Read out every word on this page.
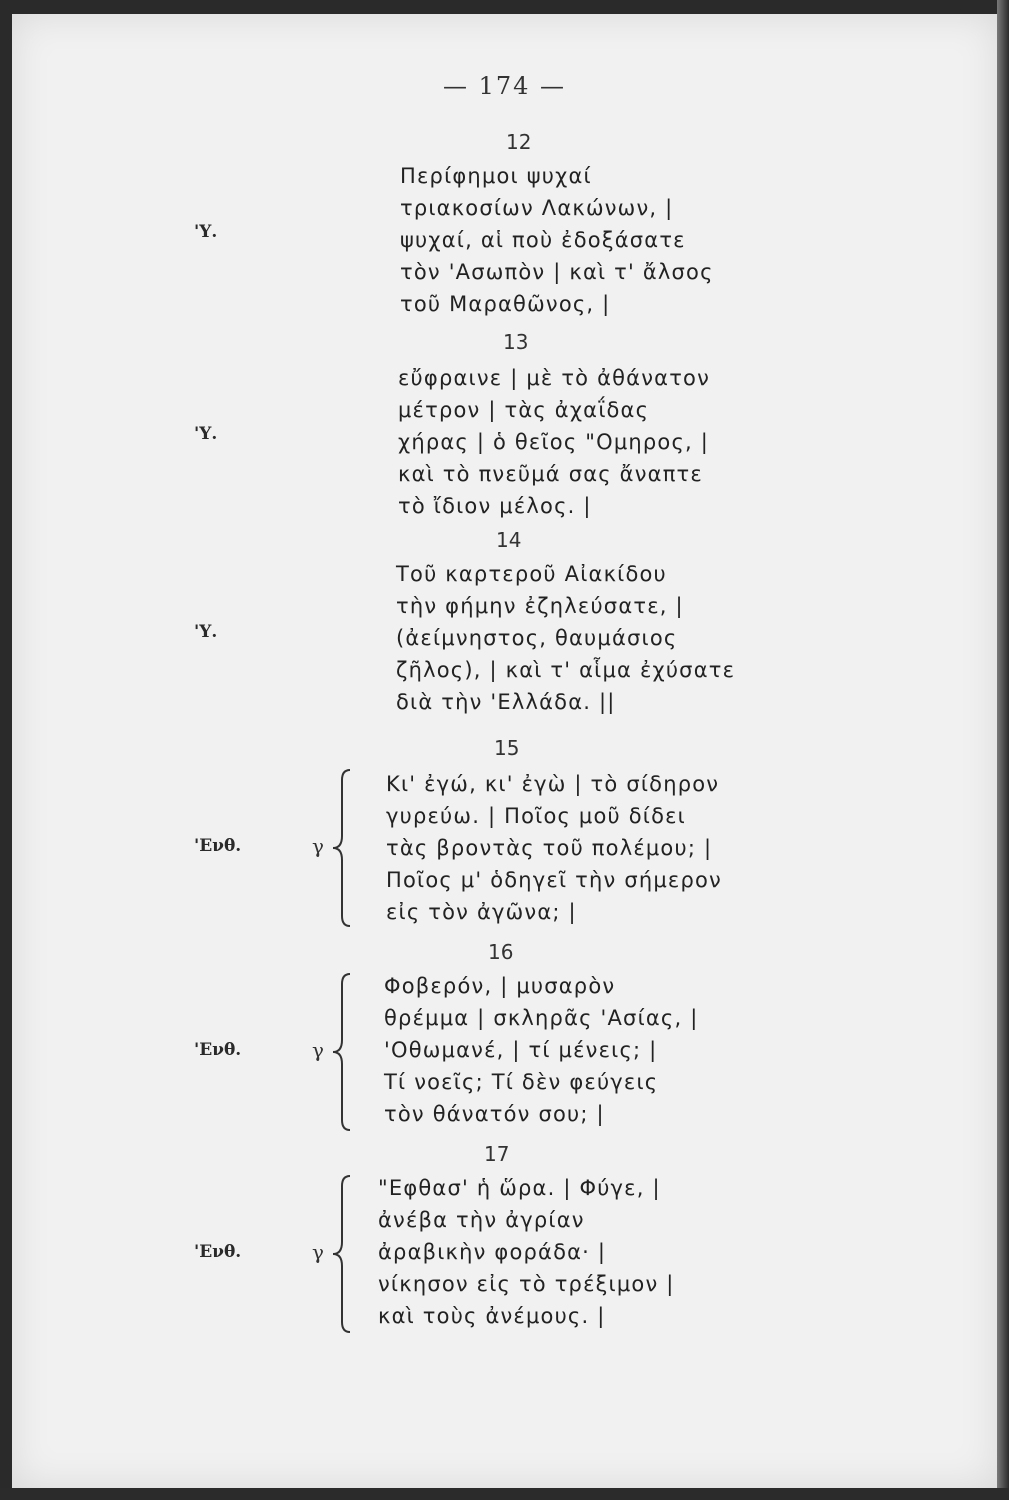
— 174 —
12
'Υ.
Περίφημοι ψυχαί
τριακοσίων Λακώνων, |
ψυχαί, αἱ ποὺ ἐδοξάσατε
τὸν 'Ασωπὸν | καὶ τ' ἄλσος
τοῦ Μαραθῶνος, |
13
'Υ.
εὔφραινε | μὲ τὸ ἀθάνατον
μέτρον | τὰς ἀχαΐδας
χήρας | ὁ θεῖος "Ομηρος, |
καὶ τὸ πνεῦμά σας ἄναπτε
τὸ ἴδιον μέλος. |
14
'Υ.
Τοῦ καρτεροῦ Αἰακίδου
τὴν φήμην ἐζηλεύσατε, |
(ἀείμνηστος, θαυμάσιος
ζῆλος), | καὶ τ' αἷμα ἐχύσατε
διὰ τὴν 'Ελλάδα. ||
15
'Ενθ.	γ
Κι' ἐγώ, κι' ἐγὼ | τὸ σίδηρον
γυρεύω. | Ποῖος μοῦ δίδει
τὰς βροντὰς τοῦ πολέμου; |
Ποῖος μ' ὁδηγεῖ τὴν σήμερον
εἰς τὸν ἀγῶνα; |
16
'Ενθ.	γ
Φοβερόν, | μυσαρὸν
θρέμμα | σκληρᾶς 'Ασίας, |
'Οθωμανέ, | τί μένεις; |
Τί νοεῖς; Τί δὲν φεύγεις
τὸν θάνατόν σου; |
17
'Ενθ.	γ
"Εφθασ' ἡ ὥρα. | Φύγε, |
ἀνέβα τὴν ἀγρίαν
ἀραβικὴν φοράδα· |
νίκησον εἰς τὸ τρέξιμον |
καὶ τοὺς ἀνέμους. |
